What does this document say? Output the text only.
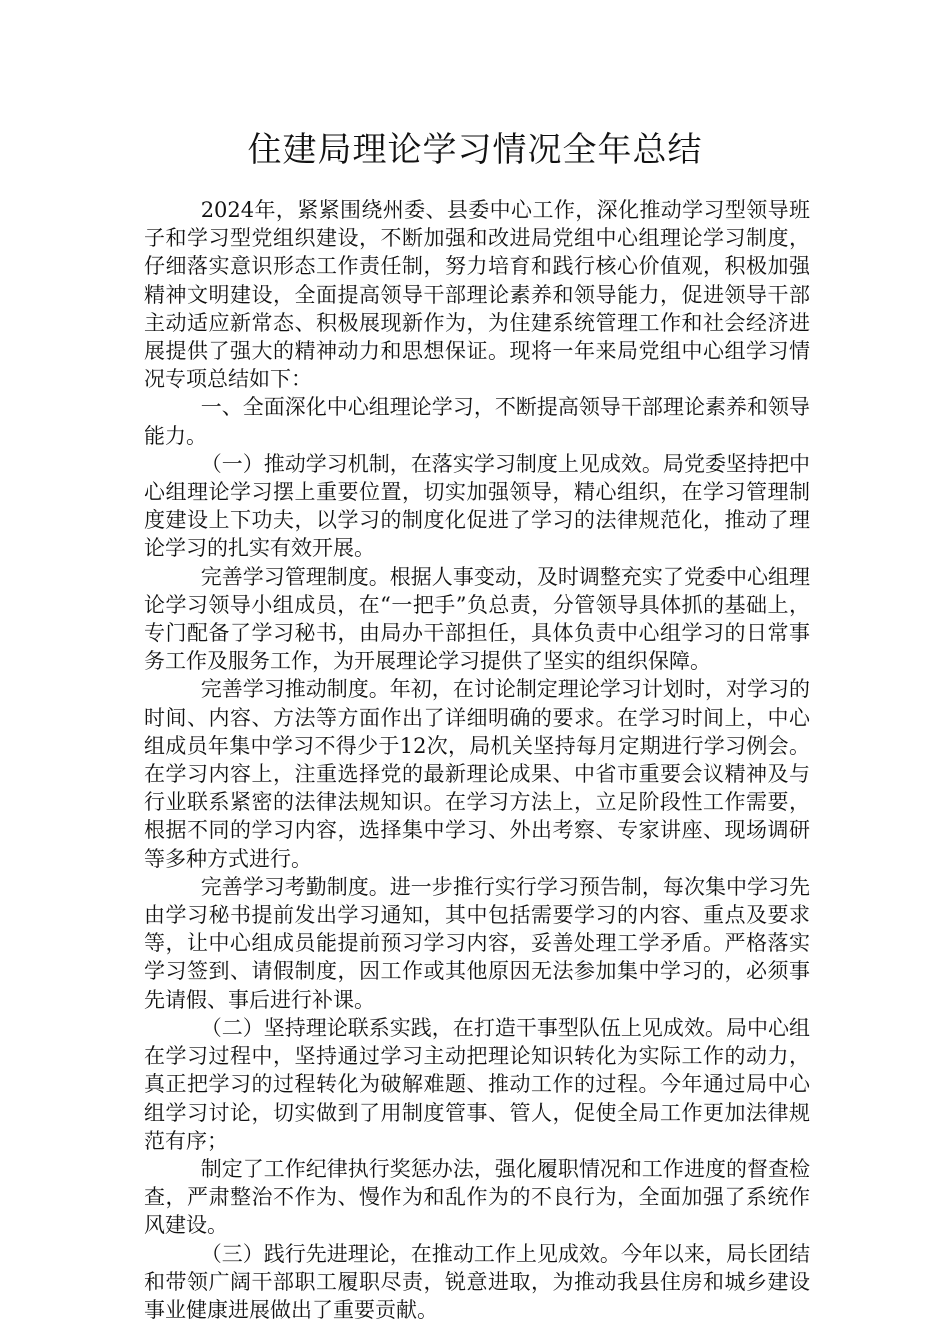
住建局理论学习情况全年总结

2024年，紧紧围绕州委、县委中心工作，深化推动学习型领导班子和学习型党组织建设，不断加强和改进局党组中心组理论学习制度，仔细落实意识形态工作责任制，努力培育和践行核心价值观，积极加强精神文明建设，全面提高领导干部理论素养和领导能力，促进领导干部主动适应新常态、积极展现新作为，为住建系统管理工作和社会经济进展提供了强大的精神动力和思想保证。现将一年来局党组中心组学习情况专项总结如下：

一、全面深化中心组理论学习，不断提高领导干部理论素养和领导能力。

（一）推动学习机制，在落实学习制度上见成效。局党委坚持把中心组理论学习摆上重要位置，切实加强领导，精心组织，在学习管理制度建设上下功夫，以学习的制度化促进了学习的法律规范化，推动了理论学习的扎实有效开展。

完善学习管理制度。根据人事变动，及时调整充实了党委中心组理论学习领导小组成员，在“一把手”负总责，分管领导具体抓的基础上，专门配备了学习秘书，由局办干部担任，具体负责中心组学习的日常事务工作及服务工作，为开展理论学习提供了坚实的组织保障。

完善学习推动制度。年初，在讨论制定理论学习计划时，对学习的时间、内容、方法等方面作出了详细明确的要求。在学习时间上，中心组成员年集中学习不得少于12次，局机关坚持每月定期进行学习例会。在学习内容上，注重选择党的最新理论成果、中省市重要会议精神及与行业联系紧密的法律法规知识。在学习方法上，立足阶段性工作需要，根据不同的学习内容，选择集中学习、外出考察、专家讲座、现场调研等多种方式进行。

完善学习考勤制度。进一步推行实行学习预告制，每次集中学习先由学习秘书提前发出学习通知，其中包括需要学习的内容、重点及要求等，让中心组成员能提前预习学习内容，妥善处理工学矛盾。严格落实学习签到、请假制度，因工作或其他原因无法参加集中学习的，必须事先请假、事后进行补课。

（二）坚持理论联系实践，在打造干事型队伍上见成效。局中心组在学习过程中，坚持通过学习主动把理论知识转化为实际工作的动力，真正把学习的过程转化为破解难题、推动工作的过程。今年通过局中心组学习讨论，切实做到了用制度管事、管人，促使全局工作更加法律规范有序；

制定了工作纪律执行奖惩办法，强化履职情况和工作进度的督查检查，严肃整治不作为、慢作为和乱作为的不良行为，全面加强了系统作风建设。

（三）践行先进理论，在推动工作上见成效。今年以来，局长团结和带领广阔干部职工履职尽责，锐意进取，为推动我县住房和城乡建设事业健康进展做出了重要贡献。
